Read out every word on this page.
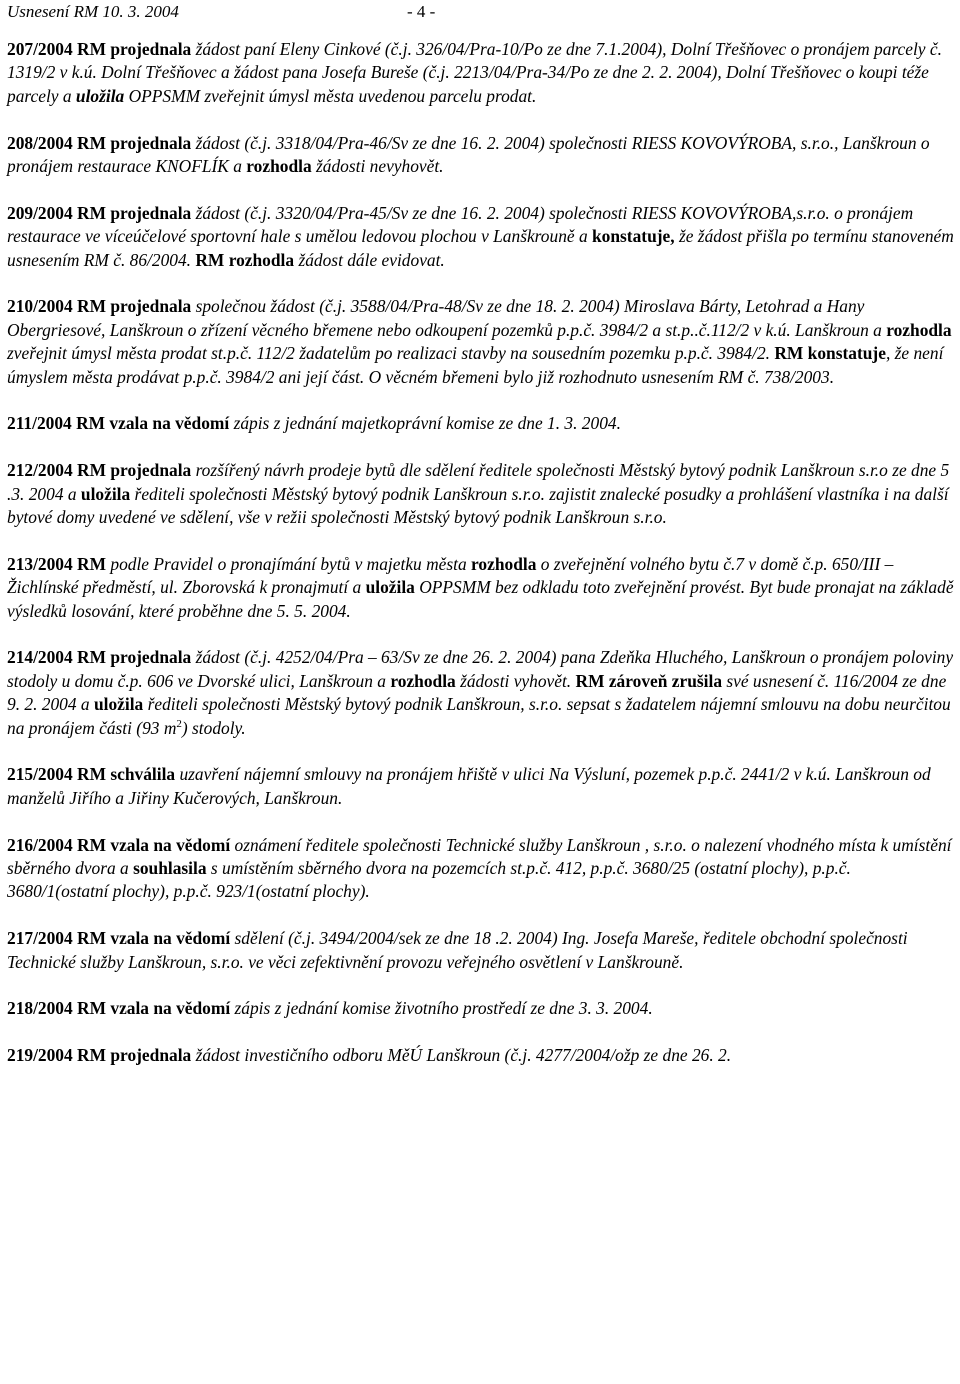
Usnesení RM 10. 3. 2004	- 4 -

207/2004 RM projednala žádost paní Eleny Cinkové (č.j. 326/04/Pra-10/Po ze dne 7.1.2004), Dolní Třešňovec o pronájem parcely č. 1319/2 v k.ú. Dolní Třešňovec a žádost pana Josefa Bureše (č.j. 2213/04/Pra-34/Po ze dne 2. 2. 2004), Dolní Třešňovec o koupi téže parcely a uložila OPPSMM zveřejnit úmysl města uvedenou parcelu prodat.

208/2004 RM projednala žádost (č.j. 3318/04/Pra-46/Sv ze dne 16. 2. 2004) společnosti RIESS KOVOVÝROBA, s.r.o., Lanškroun o pronájem restaurace KNOFLÍK a rozhodla žádosti nevyhovět.

209/2004 RM projednala žádost (č.j. 3320/04/Pra-45/Sv ze dne 16. 2. 2004) společnosti RIESS KOVOVÝROBA,s.r.o. o pronájem restaurace ve víceúčelové sportovní hale s umělou ledovou plochou v Lanškrouně a konstatuje, že žádost přišla po termínu stanoveném usnesením RM č. 86/2004. RM rozhodla žádost dále evidovat.

210/2004 RM projednala společnou žádost (č.j. 3588/04/Pra-48/Sv ze dne 18. 2. 2004) Miroslava Bárty, Letohrad a Hany Obergriesové, Lanškroun o zřízení věcného břemene nebo odkoupení pozemků p.p.č. 3984/2 a st.p..č.112/2 v k.ú. Lanškroun a rozhodla zveřejnit úmysl města prodat st.p.č. 112/2 žadatelům po realizaci stavby na sousedním pozemku p.p.č. 3984/2. RM konstatuje, že není úmyslem města prodávat p.p.č. 3984/2 ani její část. O věcném břemeni bylo již rozhodnuto usnesením RM č. 738/2003.

211/2004 RM vzala na vědomí zápis z jednání majetkoprávní komise ze dne 1. 3. 2004.

212/2004 RM projednala rozšířený návrh prodeje bytů dle sdělení ředitele společnosti Městský bytový podnik Lanškroun s.r.o ze dne 5 .3. 2004 a uložila řediteli společnosti Městský bytový podnik Lanškroun s.r.o. zajistit znalecké posudky a prohlášení vlastníka i na další bytové domy uvedené ve sdělení, vše v režii společnosti Městský bytový podnik Lanškroun s.r.o.

213/2004 RM podle Pravidel o pronajímání bytů v majetku města rozhodla o zveřejnění volného bytu č.7 v domě č.p. 650/III – Žichlínské předměstí, ul. Zborovská k pronajmutí a uložila OPPSMM bez odkladu toto zveřejnění provést. Byt bude pronajat na základě výsledků losování, které proběhne dne 5. 5. 2004.

214/2004 RM projednala žádost (č.j. 4252/04/Pra – 63/Sv ze dne 26. 2. 2004) pana Zdeňka Hluchého, Lanškroun o pronájem poloviny stodoly u domu č.p. 606 ve Dvorské ulici, Lanškroun a rozhodla žádosti vyhovět. RM zároveň zrušila své usnesení č. 116/2004 ze dne 9. 2. 2004 a uložila řediteli společnosti Městský bytový podnik Lanškroun, s.r.o. sepsat s žadatelem nájemní smlouvu na dobu neurčitou na pronájem části (93 $m^2$) stodoly.

215/2004 RM schválila uzavření nájemní smlouvy na pronájem hřiště v ulici Na Výsluní, pozemek p.p.č. 2441/2 v k.ú. Lanškroun od manželů Jiřího a Jiřiny Kučerových, Lanškroun.

216/2004 RM vzala na vědomí oznámení ředitele společnosti Technické služby Lanškroun , s.r.o. o nalezení vhodného místa k umístění sběrného dvora a souhlasila s umístěním sběrného dvora na pozemcích st.p.č. 412, p.p.č. 3680/25 (ostatní plochy), p.p.č. 3680/1(ostatní plochy), p.p.č. 923/1(ostatní plochy).

217/2004 RM vzala na vědomí sdělení (č.j. 3494/2004/sek ze dne 18 .2. 2004) Ing. Josefa Mareše, ředitele obchodní společnosti Technické služby Lanškroun, s.r.o. ve věci zefektivnění provozu veřejného osvětlení v Lanškrouně.

218/2004 RM vzala na vědomí zápis z jednání komise životního prostředí ze dne 3. 3. 2004.

219/2004 RM projednala žádost investičního odboru MěÚ Lanškroun (č.j. 4277/2004/ožp ze dne 26. 2.
